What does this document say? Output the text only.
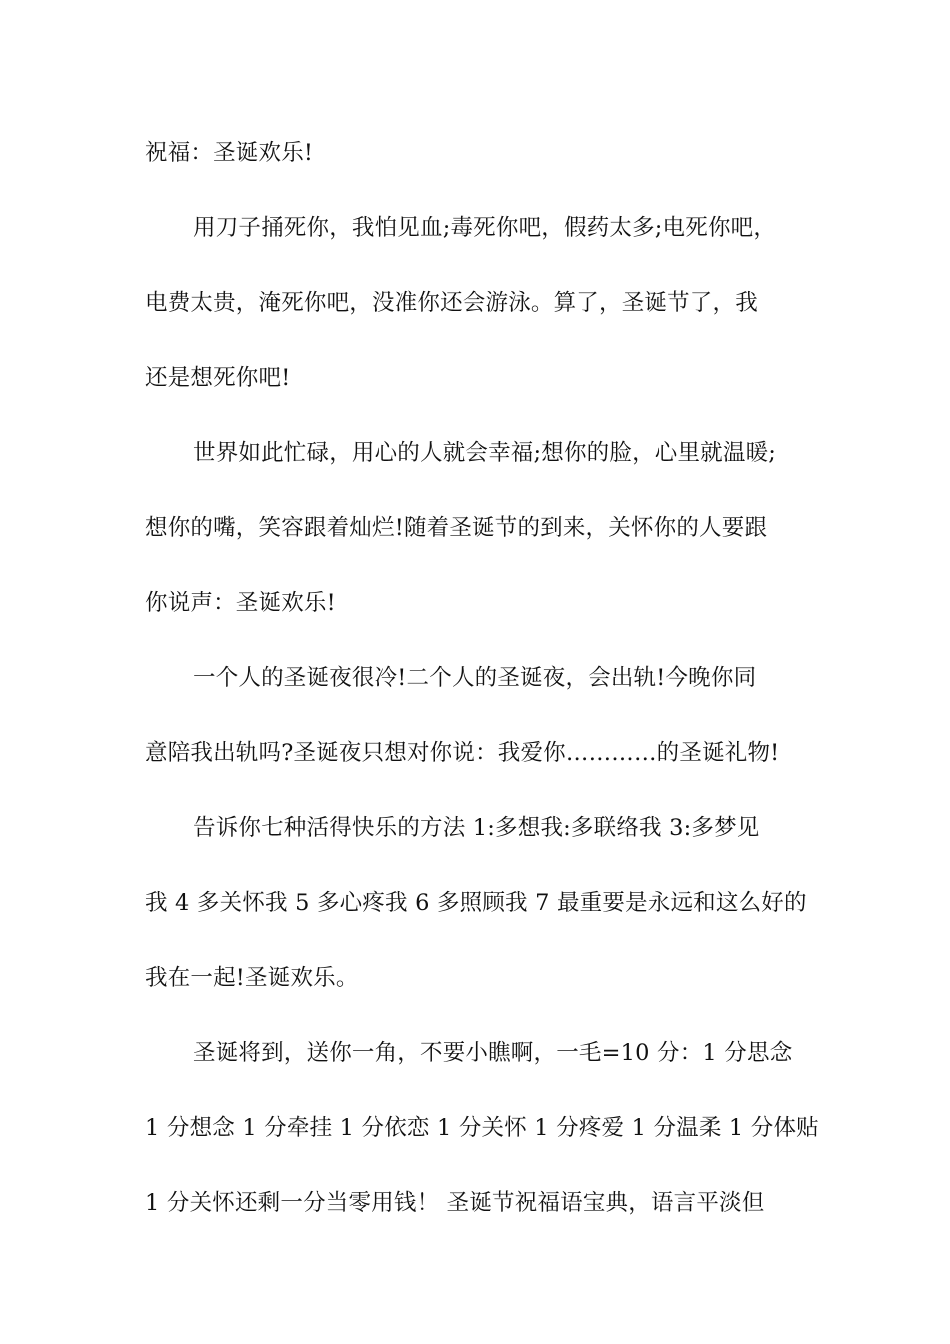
祝福：圣诞欢乐!
用刀子捅死你，我怕见血;毒死你吧，假药太多;电死你吧，
电费太贵，淹死你吧，没准你还会游泳。算了，圣诞节了，我
还是想死你吧!
世界如此忙碌，用心的人就会幸福;想你的脸，心里就温暖;
想你的嘴，笑容跟着灿烂!随着圣诞节的到来，关怀你的人要跟
你说声：圣诞欢乐!
一个人的圣诞夜很冷!二个人的圣诞夜，会出轨!今晚你同
意陪我出轨吗?圣诞夜只想对你说：我爱你…………的圣诞礼物!
告诉你七种活得快乐的方法 1:多想我:多联络我 3:多梦见
我 4 多关怀我 5 多心疼我 6 多照顾我 7 最重要是永远和这么好的
我在一起!圣诞欢乐。
圣诞将到，送你一角，不要小瞧啊，一毛=10 分：1 分思念
1 分想念 1 分牵挂 1 分依恋 1 分关怀 1 分疼爱 1 分温柔 1 分体贴
1 分关怀还剩一分当零用钱！ 圣诞节祝福语宝典，语言平淡但
